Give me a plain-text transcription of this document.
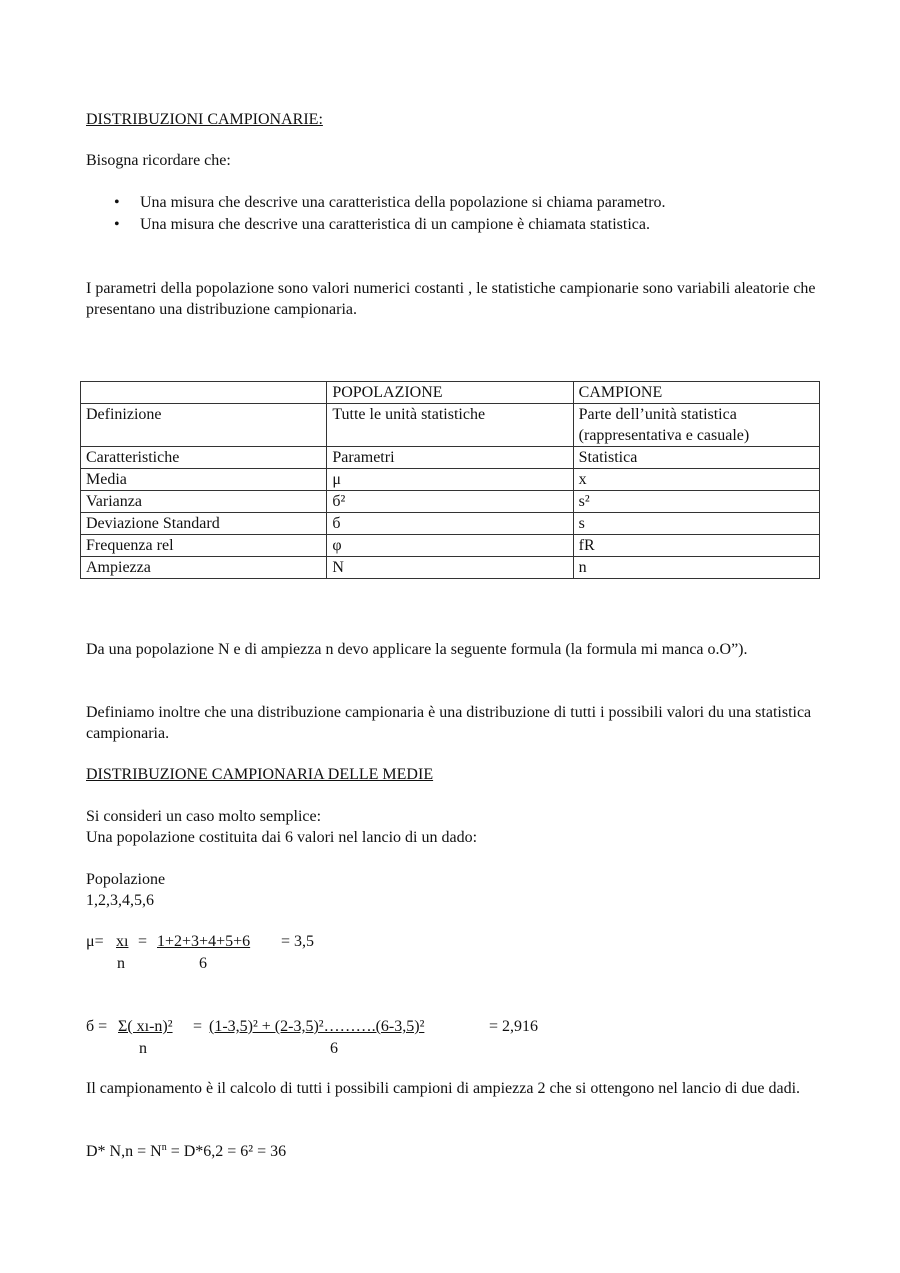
DISTRIBUZIONI CAMPIONARIE:
Bisogna ricordare che:
• Una misura che descrive una caratteristica della popolazione si chiama parametro.
• Una misura che descrive una caratteristica di un campione è chiamata statistica.
I parametri della popolazione sono valori numerici costanti , le statistiche campionarie sono variabili aleatorie che presentano una distribuzione campionaria.
	POPOLAZIONE	CAMPIONE
Definizione	Tutte le unità statistiche	Parte dell’unità statistica (rappresentativa e casuale)
Caratteristiche	Parametri	Statistica
Media	μ	x
Varianza	б²	s²
Deviazione Standard	б	s
Frequenza rel	φ	fR
Ampiezza	N	n
Da una popolazione N e di ampiezza n devo applicare la seguente formula (la formula mi manca o.O”).
Definiamo inoltre che una distribuzione campionaria è una distribuzione di tutti i possibili valori du una statistica campionaria.
DISTRIBUZIONE CAMPIONARIA DELLE MEDIE
Si consideri un caso molto semplice:
Una popolazione costituita dai 6 valori nel lancio di un dado:
Popolazione
1,2,3,4,5,6
μ= xı = 1+2+3+4+5+6 = 3,5
n	6
б = Σ( xı-n)² = (1-3,5)² + (2-3,5)²……….(6-3,5)²	= 2,916
n	6
Il campionamento è il calcolo di tutti i possibili campioni di ampiezza 2 che si ottengono nel lancio di due dadi.
D* $N,n = N^n = D*6,2 = 6^2 = 36$
